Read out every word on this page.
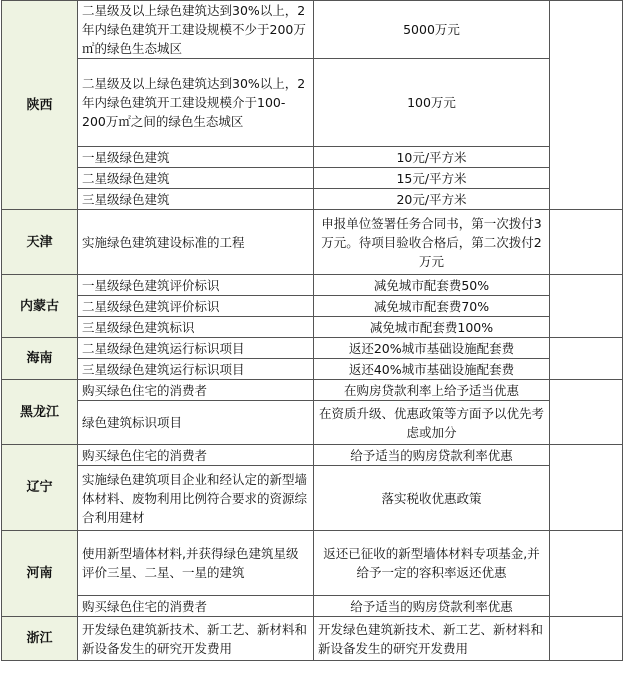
陕西	二星级及以上绿色建筑达到30%以上，2年内绿色建筑开工建设规模不少于200万㎡的绿色生态城区	5000万元	
	二星级及以上绿色建筑达到30%以上，2年内绿色建筑开工建设规模介于100-200万㎡之间的绿色生态城区	100万元	
	一星级绿色建筑	10元/平方米	
	二星级绿色建筑	15元/平方米	
	三星级绿色建筑	20元/平方米	
天津	实施绿色建筑建设标准的工程	申报单位签署任务合同书，第一次拨付3万元。待项目验收合格后，第二次拨付2万元	
内蒙古	一星级绿色建筑评价标识	减免城市配套费50%	
	二星级绿色建筑评价标识	减免城市配套费70%	
	三星级绿色建筑标识	减免城市配套费100%	
海南	二星级绿色建筑运行标识项目	返还20%城市基础设施配套费	
	三星级绿色建筑运行标识项目	返还40%城市基础设施配套费	
黑龙江	购买绿色住宅的消费者	在购房贷款利率上给予适当优惠	
	绿色建筑标识项目	在资质升级、优惠政策等方面予以优先考虑或加分	
辽宁	购买绿色住宅的消费者	给予适当的购房贷款利率优惠	
	实施绿色建筑项目企业和经认定的新型墙体材料、废物利用比例符合要求的资源综合利用建材	落实税收优惠政策	
河南	使用新型墙体材料,并获得绿色建筑星级评价三星、二星、一星的建筑	返还已征收的新型墙体材料专项基金,并给予一定的容积率返还优惠	
	购买绿色住宅的消费者	给予适当的购房贷款利率优惠	
浙江	开发绿色建筑新技术、新工艺、新材料和新设备发生的研究开发费用	开发绿色建筑新技术、新工艺、新材料和新设备发生的研究开发费用	
